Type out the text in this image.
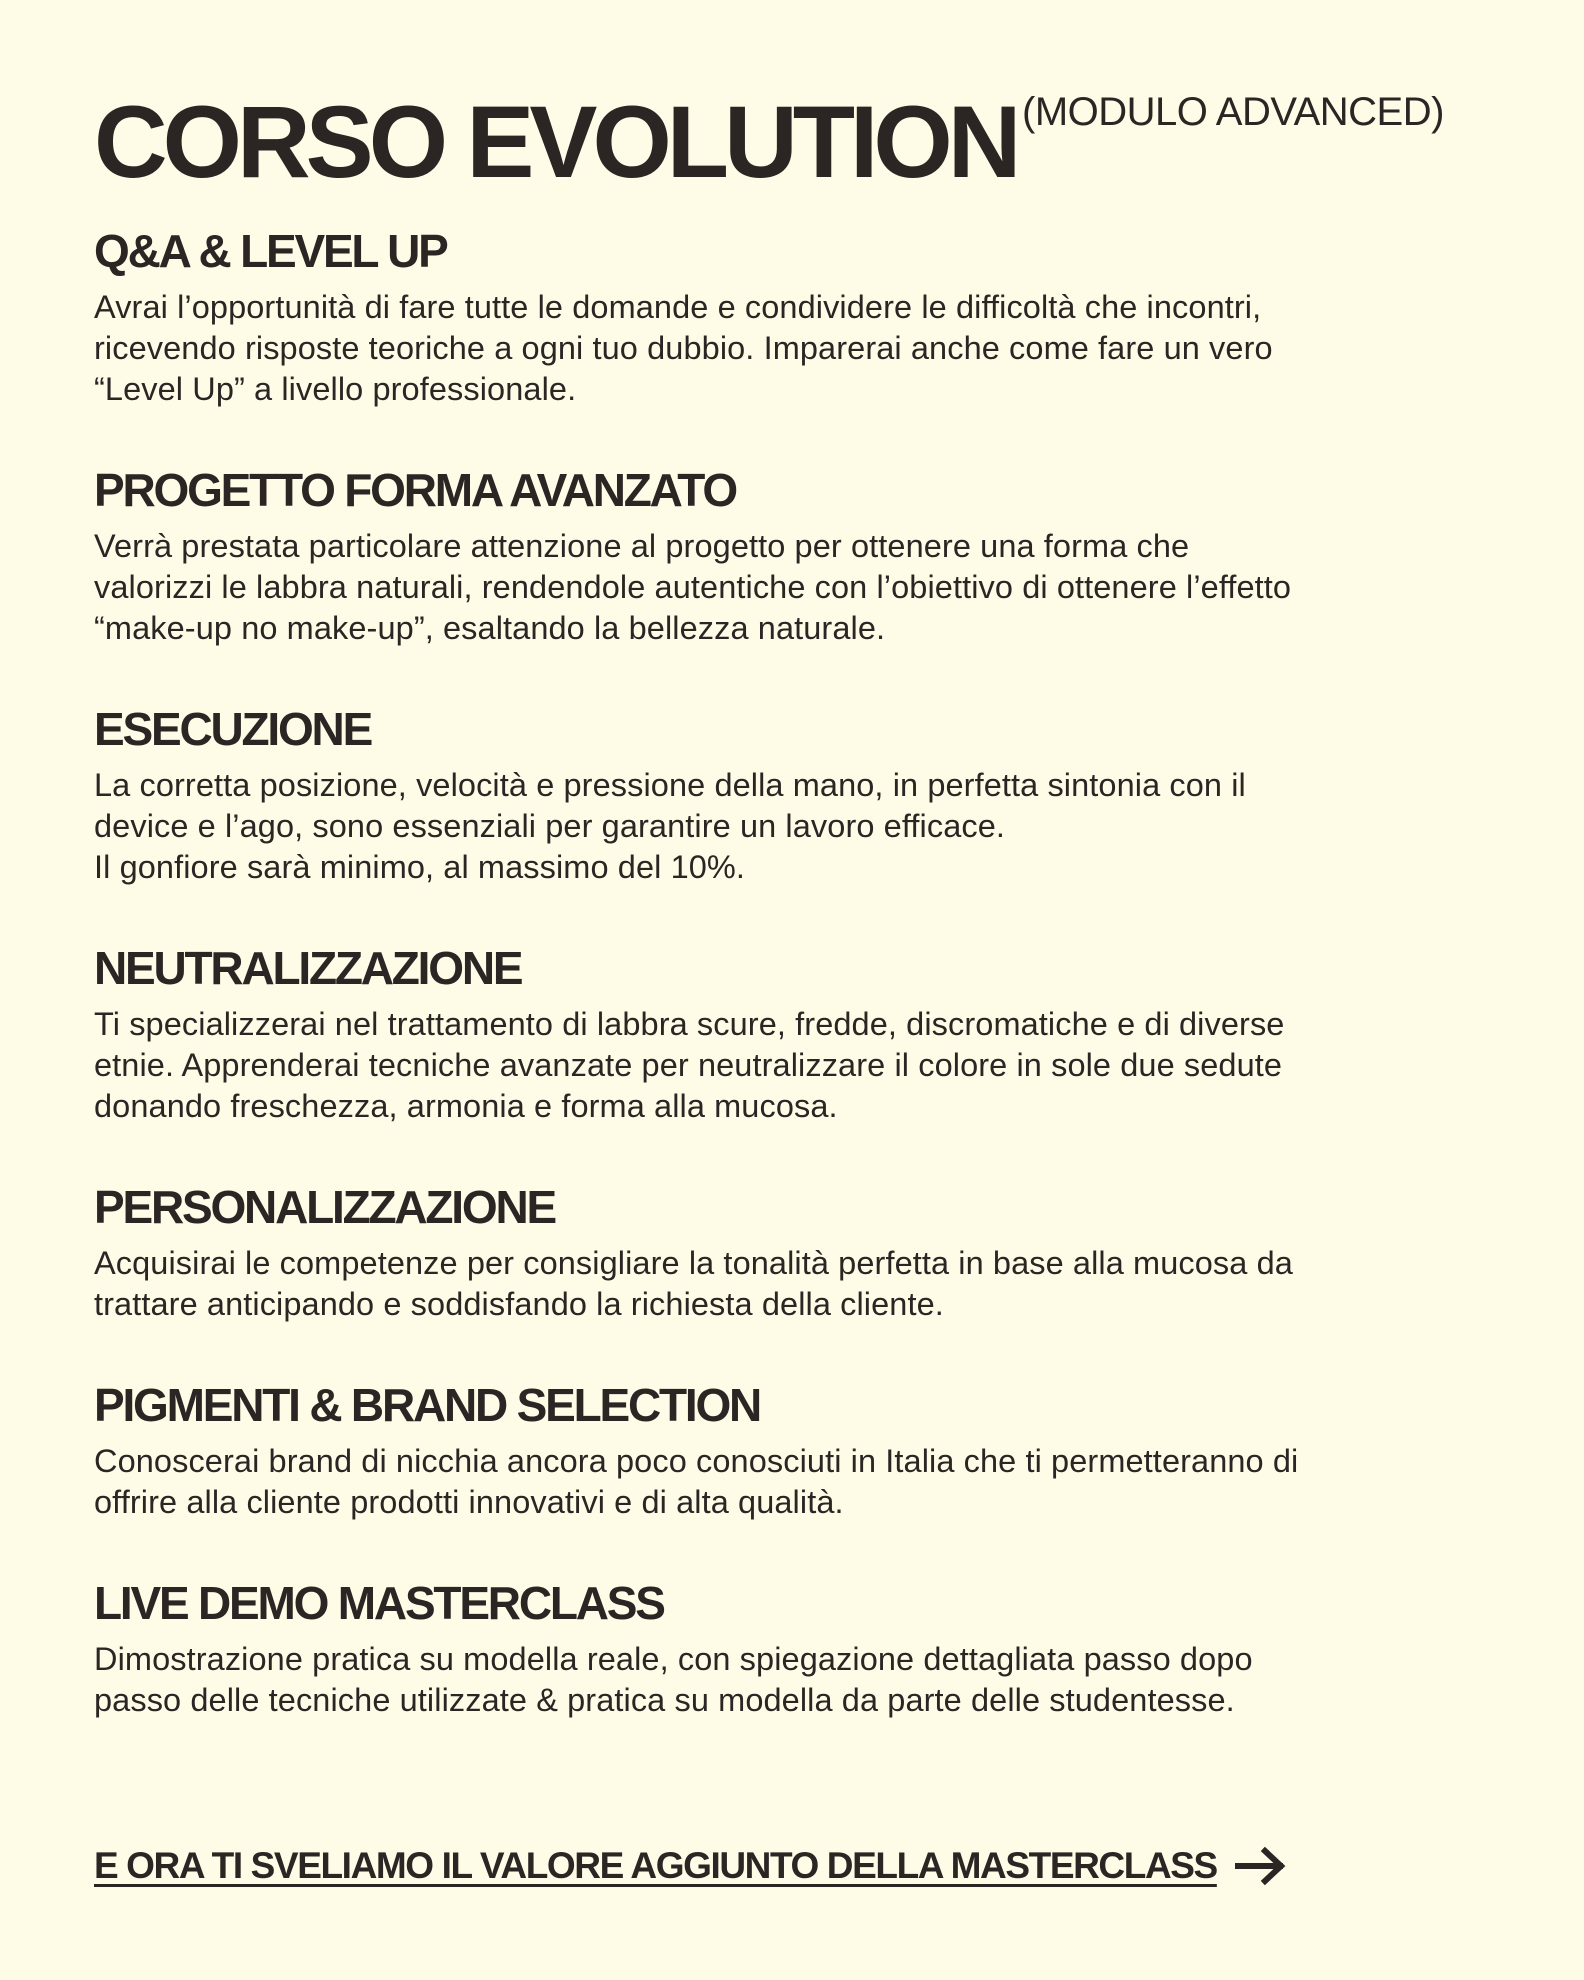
CORSO EVOLUTION (MODULO ADVANCED)

Q&A & LEVEL UP
Avrai l’opportunità di fare tutte le domande e condividere le difficoltà che incontri,
ricevendo risposte teoriche a ogni tuo dubbio. Imparerai anche come fare un vero
“Level Up” a livello professionale.
PROGETTO FORMA AVANZATO
Verrà prestata particolare attenzione al progetto per ottenere una forma che
valorizzi le labbra naturali, rendendole autentiche con l’obiettivo di ottenere l’effetto
“make-up no make-up”, esaltando la bellezza naturale.
ESECUZIONE
La corretta posizione, velocità e pressione della mano, in perfetta sintonia con il
device e l’ago, sono essenziali per garantire un lavoro efficace.
Il gonfiore sarà minimo, al massimo del 10%.
NEUTRALIZZAZIONE
Ti specializzerai nel trattamento di labbra scure, fredde, discromatiche e di diverse
etnie. Apprenderai tecniche avanzate per neutralizzare il colore in sole due sedute
donando freschezza, armonia e forma alla mucosa.
PERSONALIZZAZIONE
Acquisirai le competenze per consigliare la tonalità perfetta in base alla mucosa da
trattare anticipando e soddisfando la richiesta della cliente.
PIGMENTI & BRAND SELECTION
Conoscerai brand di nicchia ancora poco conosciuti in Italia che ti permetteranno di
offrire alla cliente prodotti innovativi e di alta qualità.
LIVE DEMO MASTERCLASS
Dimostrazione pratica su modella reale, con spiegazione dettagliata passo dopo
passo delle tecniche utilizzate & pratica su modella da parte delle studentesse.
E ORA TI SVELIAMO IL VALORE AGGIUNTO DELLA MASTERCLASS
